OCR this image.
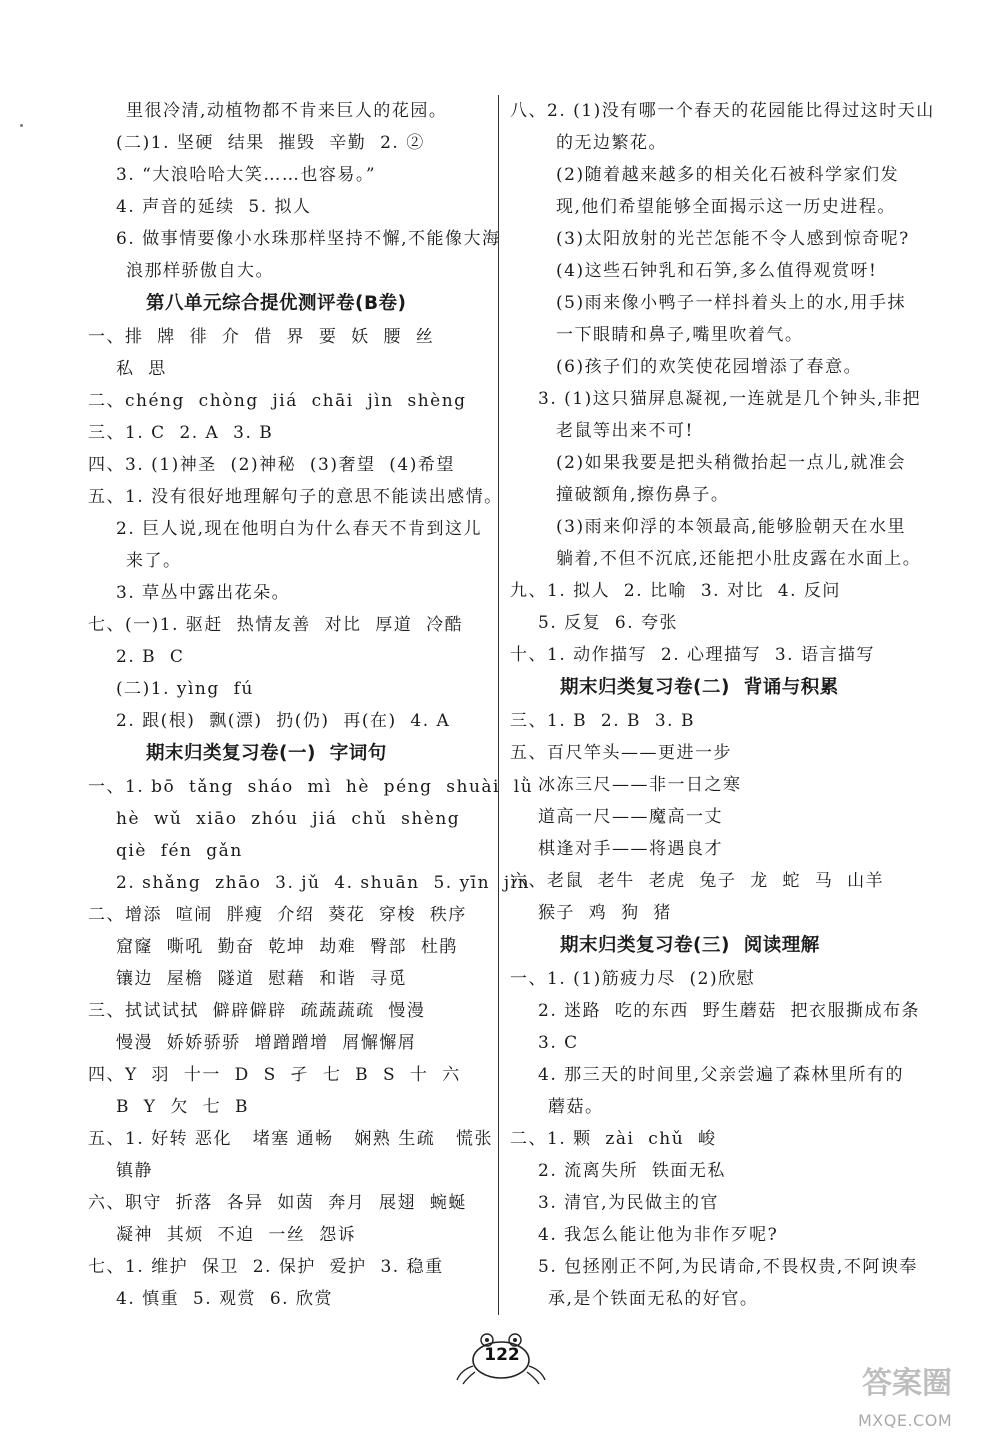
里很冷清,动植物都不肯来巨人的花园。
(二)1. 坚硬  结果  摧毁  辛勤  2. ②
3. “大浪哈哈大笑……也容易。”
4. 声音的延续  5. 拟人
6. 做事情要像小水珠那样坚持不懈,不能像大海
浪那样骄傲自大。
第八单元综合提优测评卷(B卷)
一、排  牌  徘  介  借  界  要  妖  腰  丝
私  思
二、chéng  chòng  jiá  chāi  jìn  shèng
三、1. C  2. A  3. B
四、3. (1)神圣  (2)神秘  (3)奢望  (4)希望
五、1. 没有很好地理解句子的意思不能读出感情。
2. 巨人说,现在他明白为什么春天不肯到这儿
来了。
3. 草丛中露出花朵。
七、(一)1. 驱赶  热情友善  对比  厚道  冷酷
2. B  C
(二)1. yìng  fú
2. 跟(根)  飘(漂)  扔(仍)  再(在)  4. A
期末归类复习卷(一)  字词句
一、1. bō  tǎng  sháo  mì  hè  péng  shuài  lǜ
hè  wǔ  xiāo  zhóu  jiá  chǔ  shèng
qiè  fén  gǎn
2. shǎng  zhāo  3. jǔ  4. shuān  5. yīn  jìn
二、增添  喧闹  胖瘦  介绍  葵花  穿梭  秩序
窟窿  嘶吼  勤奋  乾坤  劫难  臀部  杜鹃
镶边  屋檐  隧道  慰藉  和谐  寻觅
三、拭试试拭  僻辟僻辟  疏蔬蔬疏  慢漫
慢漫  娇娇骄骄  增蹭蹭增  屑懈懈屑
四、Y  羽  十一  D  S  孑  七  B  S  十  六
B  Y  欠  七  B
五、1. 好转 恶化   堵塞 通畅   娴熟 生疏   慌张
镇静
六、职守  折落  各异  如茵  奔月  展翅  蜿蜒
凝神  其烦  不迫  一丝  怨诉
七、1. 维护  保卫  2. 保护  爱护  3. 稳重
4. 慎重  5. 观赏  6. 欣赏
八、2. (1)没有哪一个春天的花园能比得过这时天山
的无边繁花。
(2)随着越来越多的相关化石被科学家们发
现,他们希望能够全面揭示这一历史进程。
(3)太阳放射的光芒怎能不令人感到惊奇呢?
(4)这些石钟乳和石笋,多么值得观赏呀!
(5)雨来像小鸭子一样抖着头上的水,用手抹
一下眼睛和鼻子,嘴里吹着气。
(6)孩子们的欢笑使花园增添了春意。
3. (1)这只猫屏息凝视,一连就是几个钟头,非把
老鼠等出来不可!
(2)如果我要是把头稍微抬起一点儿,就准会
撞破额角,擦伤鼻子。
(3)雨来仰浮的本领最高,能够脸朝天在水里
躺着,不但不沉底,还能把小肚皮露在水面上。
九、1. 拟人  2. 比喻  3. 对比  4. 反问
5. 反复  6. 夸张
十、1. 动作描写  2. 心理描写  3. 语言描写
期末归类复习卷(二)  背诵与积累
三、1. B  2. B  3. B
五、百尺竿头——更进一步
冰冻三尺——非一日之寒
道高一尺——魔高一丈
棋逢对手——将遇良才
六、老鼠  老牛  老虎  兔子  龙  蛇  马  山羊
猴子  鸡  狗  猪
期末归类复习卷(三)  阅读理解
一、1. (1)筋疲力尽  (2)欣慰
2. 迷路  吃的东西  野生蘑菇  把衣服撕成布条
3. C
4. 那三天的时间里,父亲尝遍了森林里所有的
蘑菇。
二、1. 颗  zài  chǔ  峻
2. 流离失所  铁面无私
3. 清官,为民做主的官
4. 我怎么能让他为非作歹呢?
5. 包拯刚正不阿,为民请命,不畏权贵,不阿谀奉
承,是个铁面无私的好官。
122
答案圈
MXQE.COM
